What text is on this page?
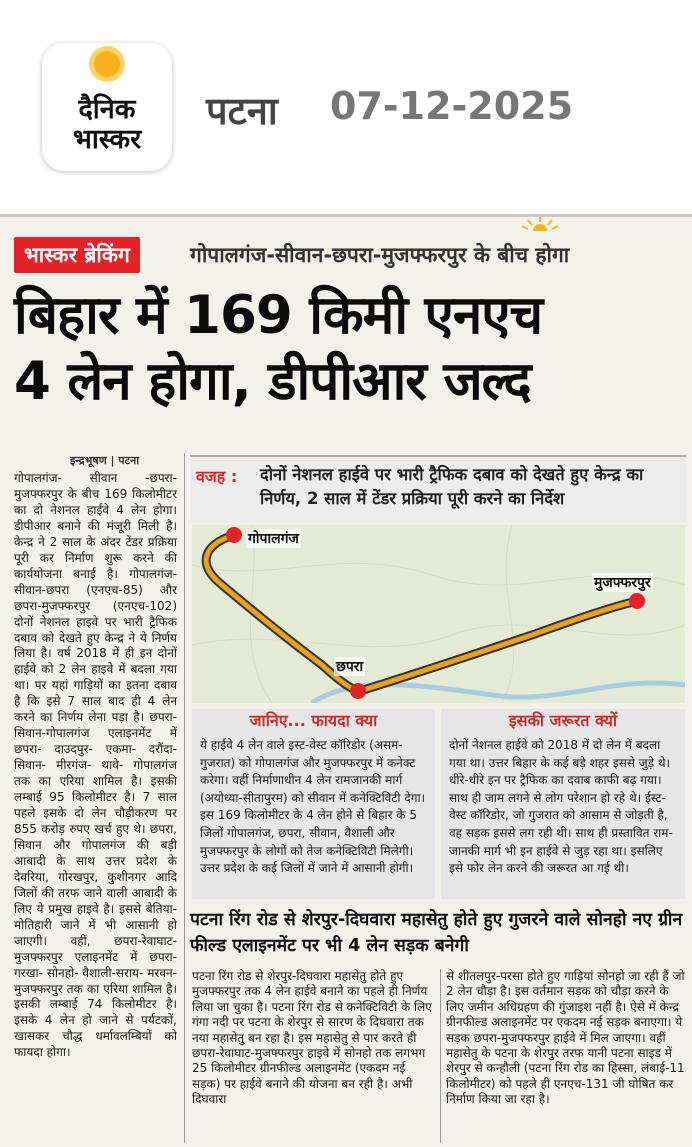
दैनिक
भास्कर
पटना 07-12-2025
भास्कर ब्रेकिंग	गोपालगंज-सीवान-छपरा-मुजफ्फरपुर के बीच होगा
बिहार में 169 किमी एनएच
4 लेन होगा, डीपीआर जल्द
इन्द्रभूषण | पटना
गोपालगंज- सीवान -छपरा-मुजफ्फरपुर के बीच 169 किलोमीटर का दो नेशनल हाईवे 4 लेन होगा। डीपीआर बनाने की मंजूरी मिली है। केन्द्र ने 2 साल के अंदर टेंडर प्रक्रिया पूरी कर निर्माण शुरू करने की कार्ययोजना बनाई है। गोपालगंज-सीवान-छपरा (एनएच-85) और छपरा-मुजफ्फरपुर (एनएच-102) दोनों नेशनल हाइवे पर भारी ट्रैफिक दबाव को देखते हुए केन्द्र ने ये निर्णय लिया है। वर्ष 2018 में ही इन दोनों हाईवे को 2 लेन हाइवे में बदला गया था। पर यहां गाड़ियों का इतना दबाव है कि इसे 7 साल बाद ही 4 लेन करने का निर्णय लेना पड़ा है। छपरा-सिवान-गोपालगंज एलाइनमेंट में छपरा- दाउदपुर- एकमा- दरौंदा-सिवान- मीरगंज- थावे- गोपालगंज तक का एरिया शामिल है। इसकी लम्बाई 95 किलोमीटर है। 7 साल पहले इसके दो लेन चौड़ीकरण पर 855 करोड़ रुपए खर्च हुए थे। छपरा, सिवान और गोपालगंज की बड़ी आबादी के साथ उत्तर प्रदेश के देवरिया, गोरखपुर, कुशीनगर आदि जिलों की तरफ जाने वाली आबादी के लिए ये प्रमुख हाइवे है। इससे बेतिया-मोतिहारी जाने में भी आसानी हो जाएगी। वहीं, छपरा-रेवाघाट-मुजफ्फरपुर एलाइनमेंट में छपरा- गरखा- सोनहो- वैशाली-सराय- मरवन- मुजफ्फरपुर तक का एरिया शामिल है। इसकी लम्बाई 74 किलोमीटर है। इसके 4 लेन हो जाने से पर्यटकों, खासकर चौद्ध धर्मावलम्बियों को फायदा होगा।
वजह : दोनों नेशनल हाईवे पर भारी ट्रैफिक दबाव को देखते हुए केन्द्र का निर्णय, 2 साल में टेंडर प्रक्रिया पूरी करने का निर्देश
गोपालगंज
छपरा
मुजफ्फरपुर
जानिए... फायदा क्या
ये हाईवे 4 लेन वाले इस्ट-वेस्ट कॉरिडोर (असम-गुजरात) को गोपालगंज और मुजफ्फरपुर में कनेक्ट करेगा। वहीं निर्माणाधीन 4 लेन रामजानकी मार्ग (अयोध्या-सीतापुरम) को सीवान में कनेक्टिविटी देगा। इस 169 किलोमीटर के 4 लेन होने से बिहार के 5 जिलों गोपालगंज, छपरा, सीवान, वैशाली और मुजफ्फरपुर के लोगों को तेज कनेक्टिविटी मिलेगी। उत्तर प्रदेश के कई जिलों में जाने में आसानी होगी।
इसकी जरूरत क्यों
दोनों नेशनल हाईवे को 2018 में दो लेन में बदला गया था। उत्तर बिहार के कई बड़े शहर इससे जुड़े थे। धीरे-धीरे इन पर ट्रैफिक का दवाब काफी बढ़ गया। साथ ही जाम लगने से लोग परेशान हो रहे थे। ईस्ट-वेस्ट कॉरिडोर, जो गुजरात को आसाम से जोड़ती है, वह सड़क इससे लग रही थी। साथ ही प्रस्तावित राम-जानकी मार्ग भी इन हाईवे से जुड़ रहा था। इसलिए इसे फोर लेन करने की जरूरत आ गई थी।
पटना रिंग रोड से शेरपुर-दिघवारा महासेतु होते हुए गुजरने वाले सोनहो नए ग्रीन फील्ड एलाइनमेंट पर भी 4 लेन सड़क बनेगी
पटना रिंग रोड से शेरपुर-दिघवारा महासेतु होते हुए मुजफ्फरपुर तक 4 लेन हाईवे बनाने का पहले ही निर्णय लिया जा चुका है। पटना रिंग रोड से कनेक्टिविटी के लिए गंगा नदी पर पटना के शेरपुर से सारण के दिघवारा तक नया महासेतु बन रहा है। इस महासेतु से पार करते ही छपरा-रेवाघाट-मुजफ्फरपुर हाइवे में सोनहो तक लगभग 25 किलोमीटर ग्रीनफील्ड अलाइनमेंट (एकदम नई सड़क) पर हाईवे बनाने की योजना बन रही है। अभी दिघवारा
से शीतलपुर-परसा होते हुए गाड़ियां सोनहो जा रही हैं जो 2 लेन चौड़ा है। इस वर्तमान सड़क को चौड़ा करने के लिए जमीन अधिग्रहण की गुंजाइश नहीं है। ऐसे में केन्द्र ग्रीनफील्ड अलाइनमेंट पर एकदम नई सड़क बनाएगा। ये सड़क छपरा-मुजफ्फरपुर हाईवे में मिल जाएगा। वहीं महासेतु के पटना के शेरपुर तरफ यानी पटना साइड में शेरपुर से कन्हौली (पटना रिंग रोड का हिस्सा, लंबाई-11 किलोमीटर) को पहले ही एनएच-131 जी घोषित कर निर्माण किया जा रहा है।
